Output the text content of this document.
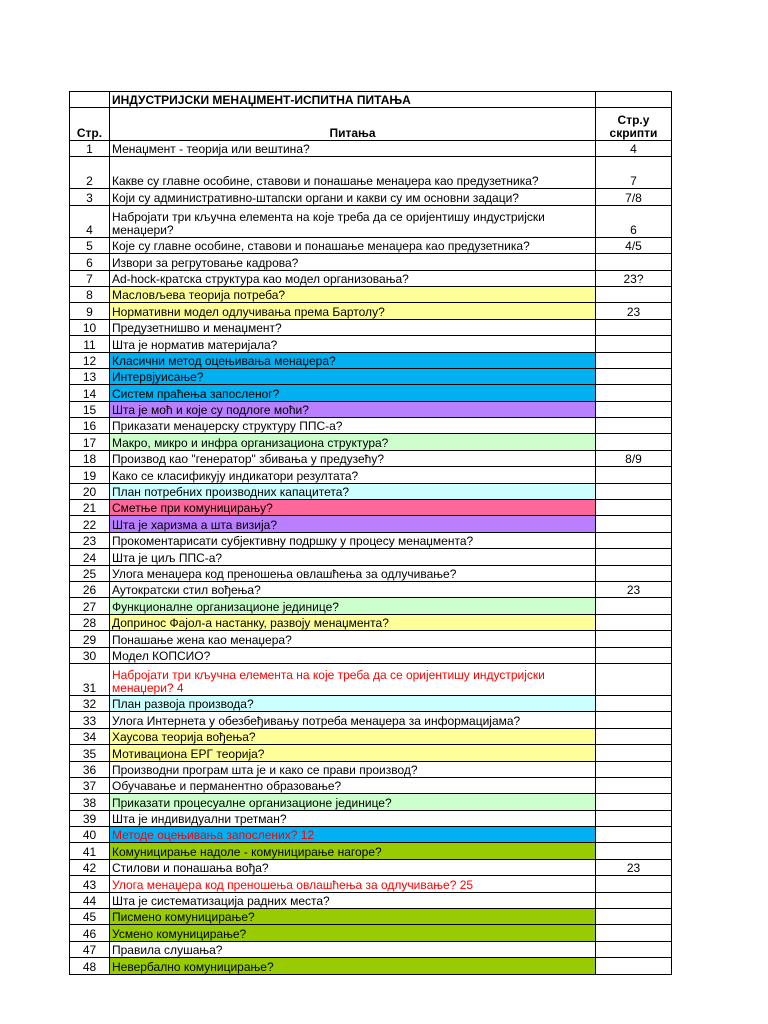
	ИНДУСТРИЈСКИ МЕНАЏМЕНТ-ИСПИТНА ПИТАЊА	
Стр.	Питања	Стр.у скрипти
1	Менаџмент - теорија или вештина?	4
2	Какве су главне особине, ставови и понашање менаџера као предузетника?	7
3	Који су административно-штапски органи и какви су им основни задаци?	7/8
4	Набројати три кључна елемента на које треба да се оријентишу индустријски менаџери?	6
5	Које су главне особине, ставови и понашање менаџера као предузетника?	4/5
6	Извори за регрутовање кадрова?	
7	Ad-hock-кратска структура као модел организовања?	23?
8	Масловљева теорија потреба?	
9	Нормативни модел одлучивања према Бартолу?	23
10	Предузетнишво и менаџмент?	
11	Шта је норматив материјала?	
12	Класични метод оцењивања менаџера?	
13	Интервјуисање?	
14	Систем праћења запосленог?	
15	Шта је моћ и које су подлоге моћи?	
16	Приказати менаџерску структуру ППС-а?	
17	Макро, микро и инфра организациона структура?	
18	Производ као "генератор" збивања у предузећу?	8/9
19	Како се класификују индикатори резултата?	
20	План потребних производних капацитета?	
21	Сметње при комуницирању?	
22	Шта је харизма а шта визија?	
23	Прокоментарисати субјективну подршку у процесу менаџмента?	
24	Шта је циљ ППС-а?	
25	Улога менаџера код преношења овлашћења за одлучивање?	
26	Аутократски стил вођења?	23
27	Функционалне организационе јединице?	
28	Допринос Фајол-а настанку, развоју менаџмента?	
29	Понашање жена као менаџера?	
30	Модел КОПСИО?	
31	Набројати три кључна елемента на које треба да се оријентишу индустријски менаџери? 4	
32	План развоја производа?	
33	Улога Интернета у обезбеђивању потреба менаџера за информацијама?	
34	Хаусова теорија вођења?	
35	Мотивациона ЕРГ теорија?	
36	Производни програм шта је и како се прави производ?	
37	Обучавање и перманентно образовање?	
38	Приказати процесуалне организационе јединице?	
39	Шта је индивидуални третман?	
40	Методе оцењивања запослених? 12	
41	Комуницирање надоле - комуницирање нагоре?	
42	Стилови и понашања вођа?	23
43	Улога менаџера код преношења овлашћења за одлучивање? 25	
44	Шта је систематизација радних места?	
45	Писмено комуницирање?	
46	Усмено комуницирање?	
47	Правила слушања?	
48	Невербално комуницирање?	
